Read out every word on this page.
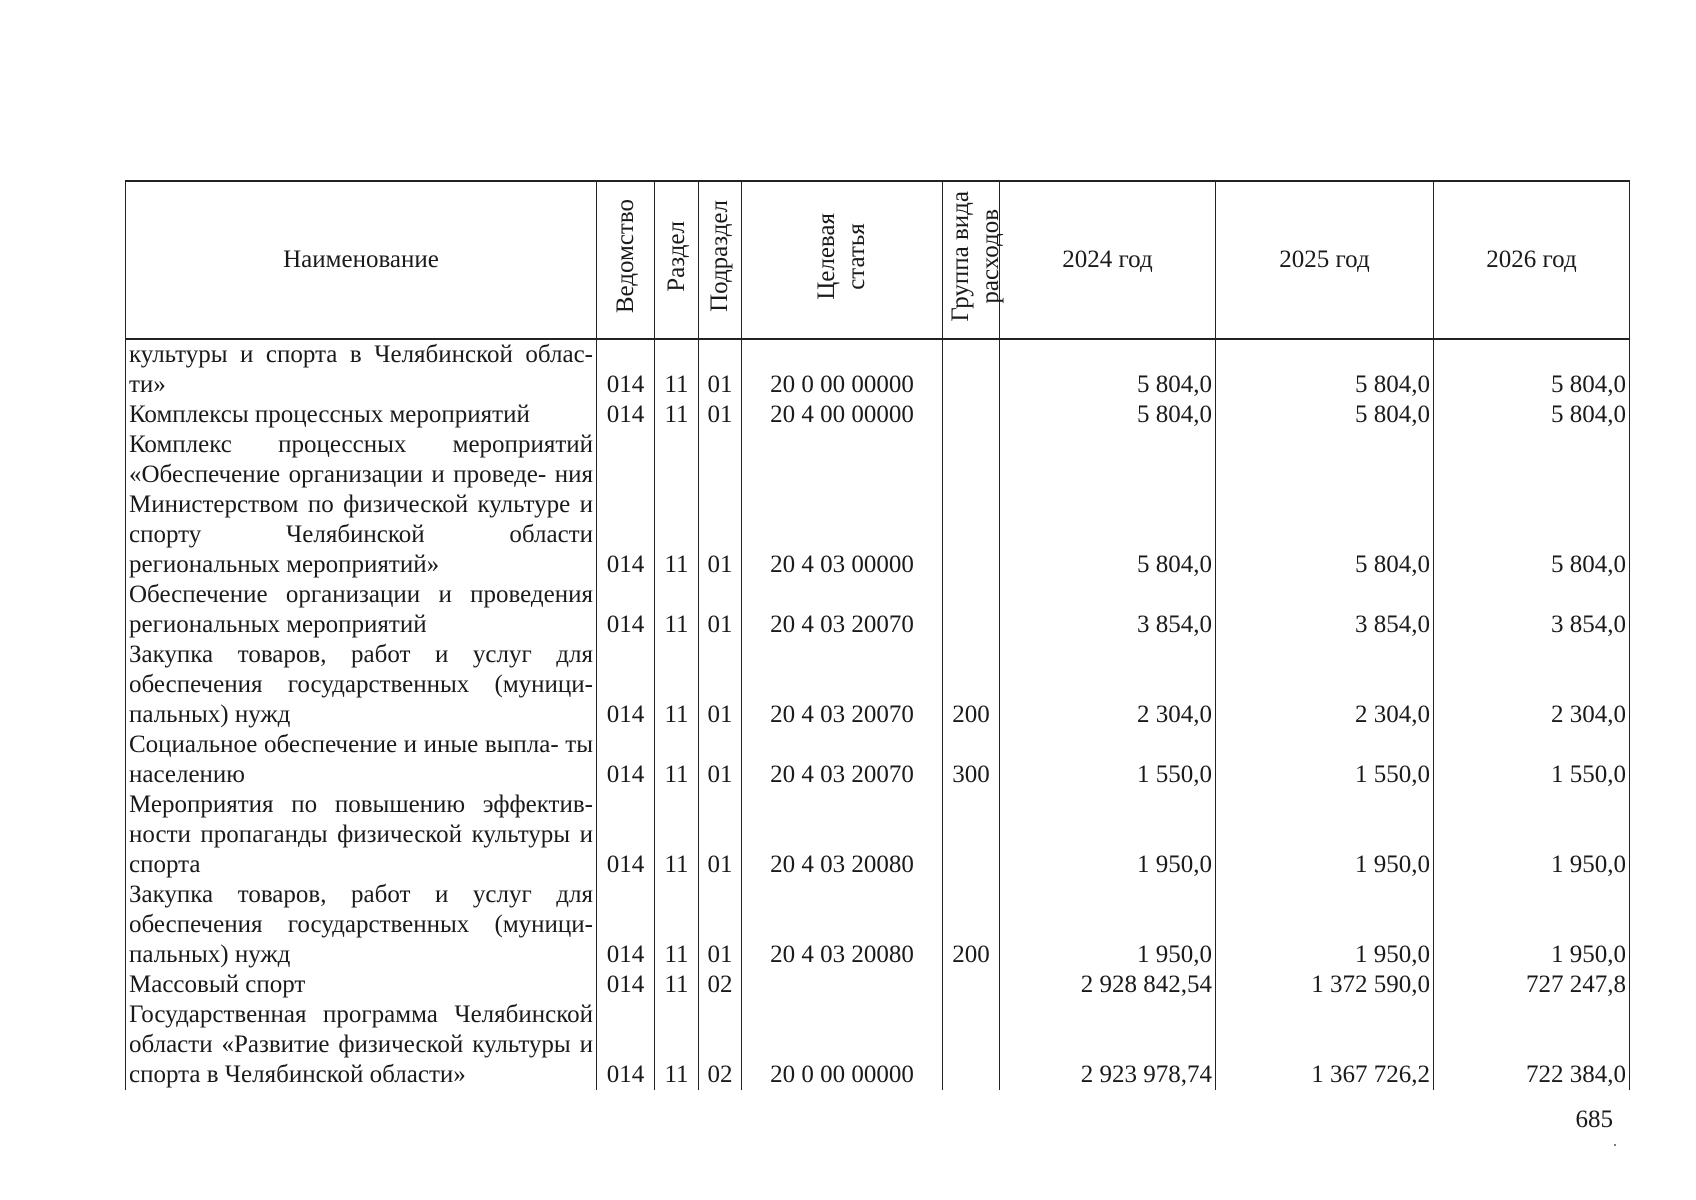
Наименование	Ведомство	Раздел	Подраздел	Целевая статья	Группа вида расходов	2024 год	2025 год	2026 год
культуры и спорта в Челябинской облас- ти»	014	11	01	20 0 00 00000		5 804,0	5 804,0	5 804,0
Комплексы процессных мероприятий	014	11	01	20 4 00 00000		5 804,0	5 804,0	5 804,0
Комплекс процессных мероприятий «Обеспечение организации и проведе- ния Министерством по физической культуре и спорту Челябинской области региональных мероприятий»	014	11	01	20 4 03 00000		5 804,0	5 804,0	5 804,0
Обеспечение организации и проведения региональных мероприятий	014	11	01	20 4 03 20070		3 854,0	3 854,0	3 854,0
Закупка товаров, работ и услуг для обеспечения государственных (муници- пальных) нужд	014	11	01	20 4 03 20070	200	2 304,0	2 304,0	2 304,0
Социальное обеспечение и иные выпла- ты населению	014	11	01	20 4 03 20070	300	1 550,0	1 550,0	1 550,0
Мероприятия по повышению эффектив- ности пропаганды физической культуры и спорта	014	11	01	20 4 03 20080		1 950,0	1 950,0	1 950,0
Закупка товаров, работ и услуг для обеспечения государственных (муници- пальных) нужд	014	11	01	20 4 03 20080	200	1 950,0	1 950,0	1 950,0
Массовый спорт	014	11	02			2 928 842,54	1 372 590,0	727 247,8
Государственная программа Челябинской области «Развитие физической культуры и спорта в Челябинской области»	014	11	02	20 0 00 00000		2 923 978,74	1 367 726,2	722 384,0
685
